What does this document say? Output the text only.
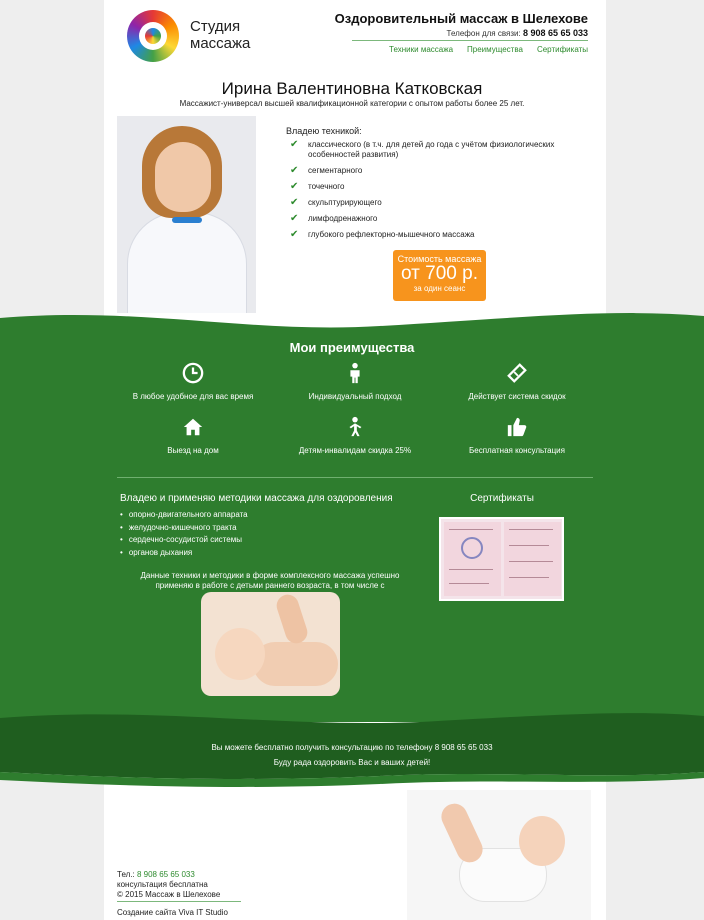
Студия
массажа
Оздоровительный массаж в Шелехове
Телефон для связи: 8 908 65 65 033
Техники массажа Преимущества Сертификаты
Ирина Валентиновна Катковская
Массажист-универсал высшей квалификационной категории с опытом работы более 25 лет.
Владею техникой:
✔ классического (в т.ч. для детей до года с учётом физиологических особенностей развития)
✔ сегментарного
✔ точечного
✔ скульптурирующего
✔ лимфодренажного
✔ глубокого рефлекторно-мышечного массажа
Стоимость массажа
от 700 р.
за один сеанс
Мои преимущества
В любое удобное для вас время	Индивидуальный подход	Действует система скидок
Выезд на дом	Детям-инвалидам скидка 25%	Бесплатная консультация
Владею и применяю методики массажа для оздоровления
• опорно-двигательного аппарата
• желудочно-кишечного тракта
• сердечно-сосудистой системы
• органов дыхания
Данные техники и методики в форме комплексного массажа успешно применяю в работе с детьми раннего возраста, в том числе с
Сертификаты
Вы можете бесплатно получить консультацию по телефону 8 908 65 65 033
Буду рада оздоровить Вас и ваших детей!
Тел.: 8 908 65 65 033
консультация бесплатна
© 2015 Массаж в Шелехове
Создание сайта Viva IT Studio
